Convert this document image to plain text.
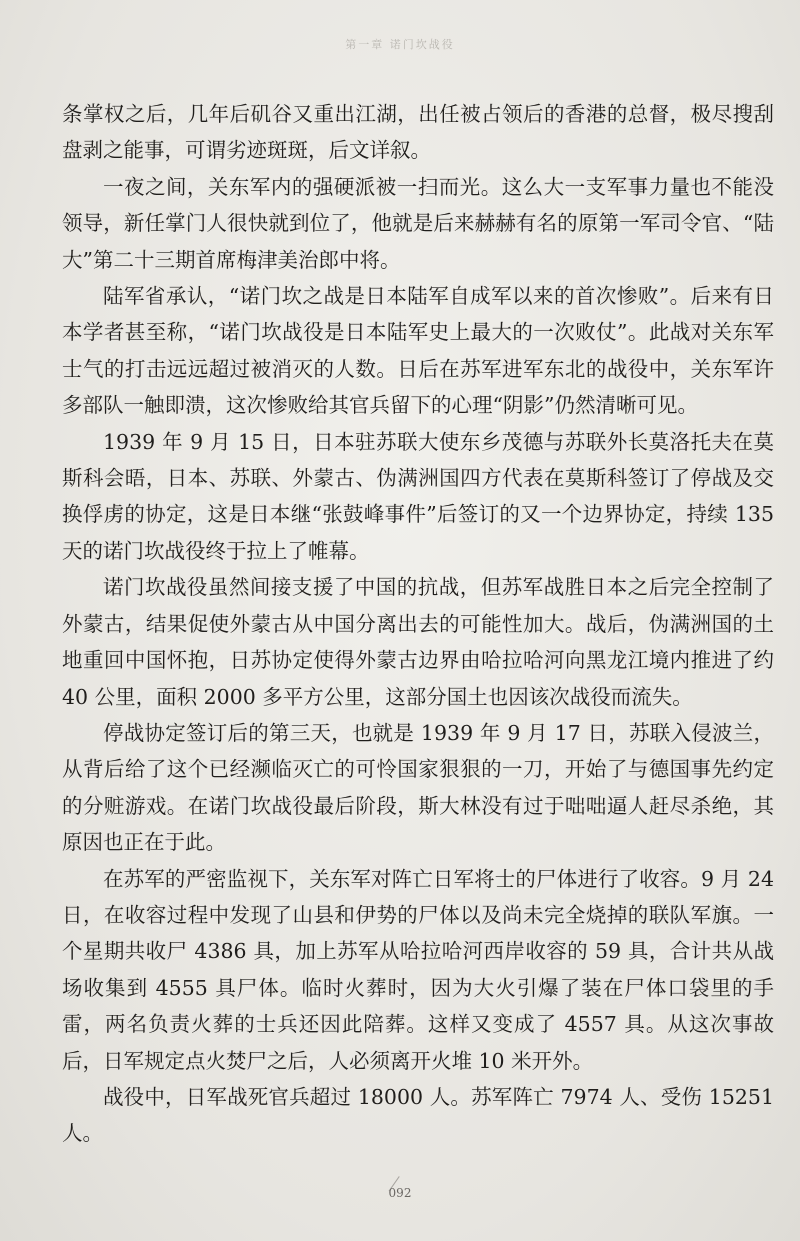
第一章 诺门坎战役

条掌权之后，几年后矶谷又重出江湖，出任被占领后的香港的总督，极尽搜刮盘剥之能事，可谓劣迹斑斑，后文详叙。

一夜之间，关东军内的强硬派被一扫而光。这么大一支军事力量也不能没领导，新任掌门人很快就到位了，他就是后来赫赫有名的原第一军司令官、“陆大”第二十三期首席梅津美治郎中将。

陆军省承认，“诺门坎之战是日本陆军自成军以来的首次惨败”。后来有日本学者甚至称，“诺门坎战役是日本陆军史上最大的一次败仗”。此战对关东军士气的打击远远超过被消灭的人数。日后在苏军进军东北的战役中，关东军许多部队一触即溃，这次惨败给其官兵留下的心理“阴影”仍然清晰可见。

1939 年 9 月 15 日，日本驻苏联大使东乡茂德与苏联外长莫洛托夫在莫斯科会晤，日本、苏联、外蒙古、伪满洲国四方代表在莫斯科签订了停战及交换俘虏的协定，这是日本继“张鼓峰事件”后签订的又一个边界协定，持续 135 天的诺门坎战役终于拉上了帷幕。

诺门坎战役虽然间接支援了中国的抗战，但苏军战胜日本之后完全控制了外蒙古，结果促使外蒙古从中国分离出去的可能性加大。战后，伪满洲国的土地重回中国怀抱，日苏协定使得外蒙古边界由哈拉哈河向黑龙江境内推进了约 40 公里，面积 2000 多平方公里，这部分国土也因该次战役而流失。

停战协定签订后的第三天，也就是 1939 年 9 月 17 日，苏联入侵波兰，从背后给了这个已经濒临灭亡的可怜国家狠狠的一刀，开始了与德国事先约定的分赃游戏。在诺门坎战役最后阶段，斯大林没有过于咄咄逼人赶尽杀绝，其原因也正在于此。

在苏军的严密监视下，关东军对阵亡日军将士的尸体进行了收容。9 月 24 日，在收容过程中发现了山县和伊势的尸体以及尚未完全烧掉的联队军旗。一个星期共收尸 4386 具，加上苏军从哈拉哈河西岸收容的 59 具，合计共从战场收集到 4555 具尸体。临时火葬时，因为大火引爆了装在尸体口袋里的手雷，两名负责火葬的士兵还因此陪葬。这样又变成了 4557 具。从这次事故后，日军规定点火焚尸之后，人必须离开火堆 10 米开外。

战役中，日军战死官兵超过 18000 人。苏军阵亡 7974 人、受伤 15251 人。

092
